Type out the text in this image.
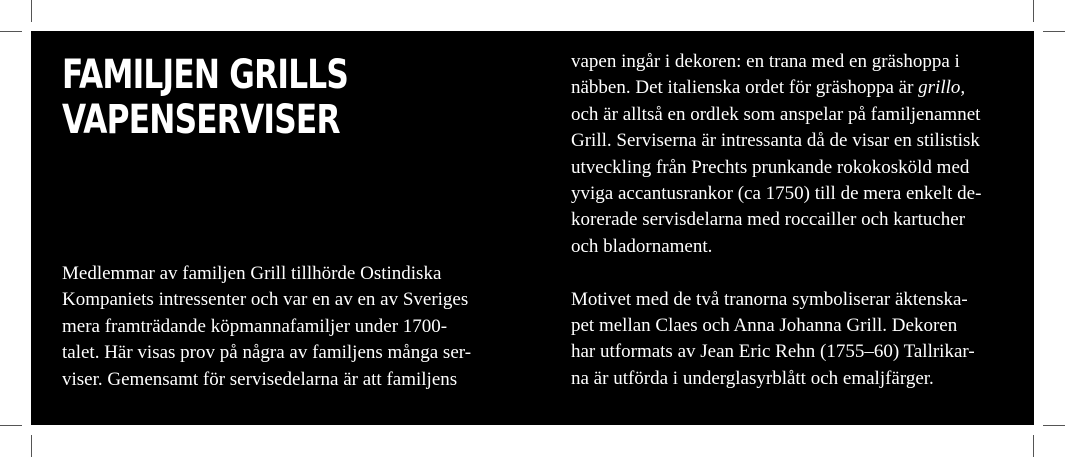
FAMILJEN GRILLS
VAPENSERVISER

Medlemmar av familjen Grill tillhörde Ostindiska
Kompaniets intressenter och var en av en av Sveriges
mera framträdande köpmannafamiljer under 1700-
talet. Här visas prov på några av familjens många ser-
viser. Gemensamt för servisedelarna är att familjens

vapen ingår i dekoren: en trana med en gräshoppa i
näbben. Det italienska ordet för gräshoppa är grillo,
och är alltså en ordlek som anspelar på familjenamnet
Grill. Serviserna är intressanta då de visar en stilistisk
utveckling från Prechts prunkande rokokosköld med
yviga accantusrankor (ca 1750) till de mera enkelt de-
korerade servisdelarna med roccailler och kartucher
och bladornament.

Motivet med de två tranorna symboliserar äktenska-
pet mellan Claes och Anna Johanna Grill. Dekoren
har utformats av Jean Eric Rehn (1755–60) Tallrikar-
na är utförda i underglasyrblått och emaljfärger.
